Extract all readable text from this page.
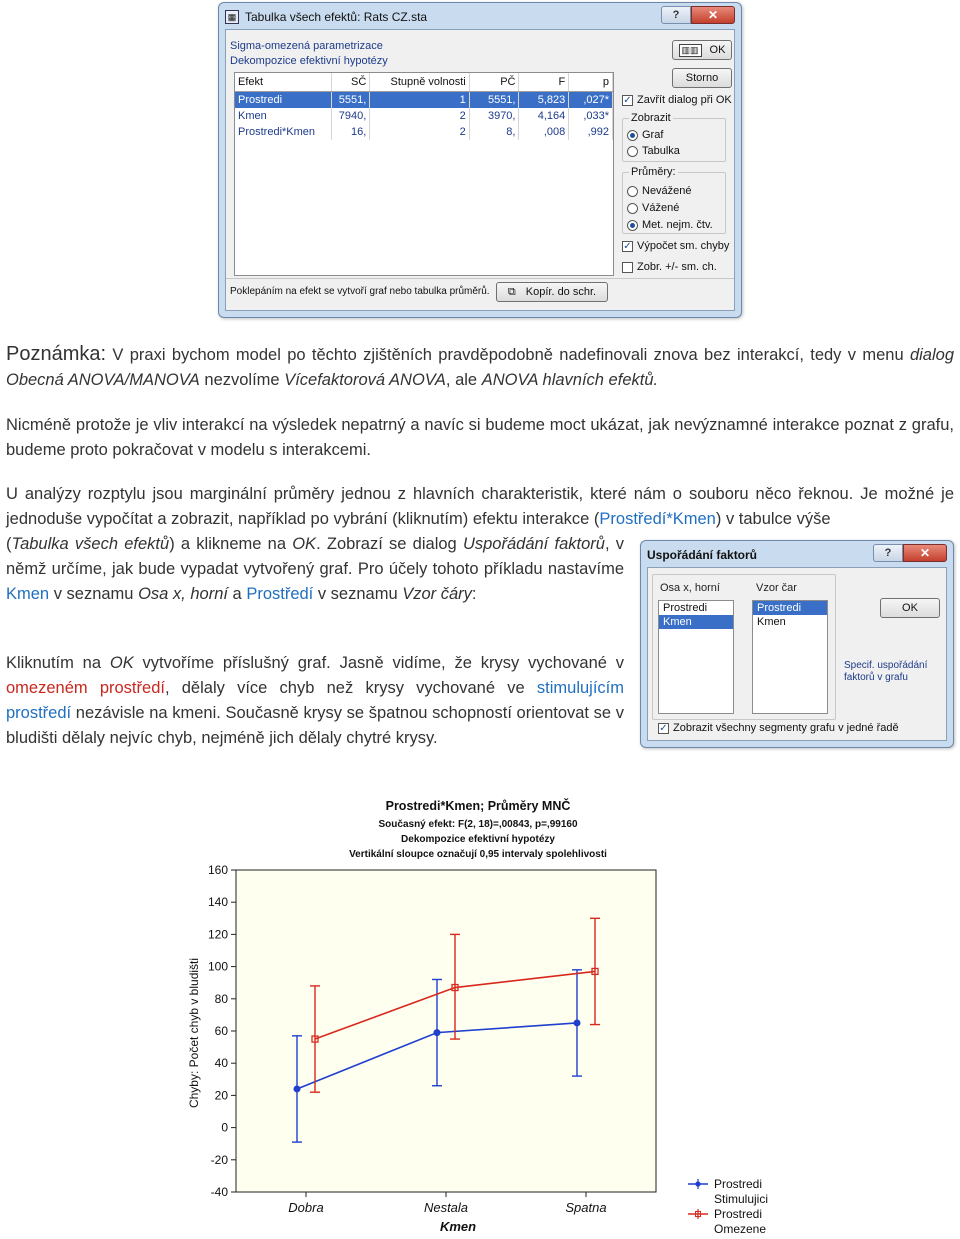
▦ Tabulka všech efektů: Rats CZ.sta	?	✕
Sigma-omezená parametrizace
Dekompozice efektivní hypotézy
Efekt	SČ	Stupně volnosti	PČ	F	p
Prostredi	5551,	1	5551,	5,823	,027*
Kmen	7940,	2	3970,	4,164	,033*
Prostredi*Kmen	16,	2	8,	,008	,992
▥▥ OK
Storno
✓ Zavřít dialog při OK
Zobrazit
Graf
Tabulka
Průměry:
Nevážené
Vážené
Met. nejm. čtv.
✓ Výpočet sm. chyby
Zobr. +/- sm. ch.
Poklepáním na efekt se vytvoří graf nebo tabulka průměrů. ⧉ Kopír. do schr.
Poznámka: V praxi bychom model po těchto zjištěních pravděpodobně nadefinovali znova bez interakcí, tedy v menu dialog Obecná ANOVA/MANOVA nezvolíme Vícefaktorová ANOVA, ale ANOVA hlavních efektů.
Nicméně protože je vliv interakcí na výsledek nepatrný a navíc si budeme moct ukázat, jak nevýznamné interakce poznat z grafu, budeme proto pokračovat v modelu s interakcemi.
U analýzy rozptylu jsou marginální průměry jednou z hlavních charakteristik, které nám o souboru něco řeknou. Je možné je jednoduše vypočítat a zobrazit, například po vybrání (kliknutím) efektu interakce (Prostředí*Kmen) v tabulce výše
(Tabulka všech efektů) a klikneme na OK. Zobrazí se dialog Uspořádání faktorů, v němž určíme, jak bude vypadat vytvořený graf. Pro účely tohoto příkladu nastavíme Kmen v seznamu Osa x, horní a Prostředí v seznamu Vzor čáry:
Kliknutím na OK vytvoříme příslušný graf. Jasně vidíme, že krysy vychované v omezeném prostředí, dělaly více chyb než krysy vychované ve stimulujícím prostředí nezávisle na kmeni. Současně krysy se špatnou schopností orientovat se v bludišti dělaly nejvíc chyb, nejméně jich dělaly chytré krysy.
Uspořádání faktorů	?	✕
Osa x, horní	Vzor čar
Prostredi
Kmen
Prostredi
Kmen
OK
Specif. uspořádání
faktorů v grafu
✓ Zobrazit všechny segmenty grafu v jedné řadě
Prostredi*Kmen; Průměry MNČ
Současný efekt: F(2, 18)=,00843, p=,99160
Dekompozice efektivní hypotézy
Vertikální sloupce označují 0,95 intervaly spolehlivosti
-40
-20
0
20
40
60
80
100
120
140
160
Dobra	Nestala	Spatna
Prostredi
Stimulujici
Prostredi
Omezene
Kmen
Chyby: Počet chyb v bludišti
